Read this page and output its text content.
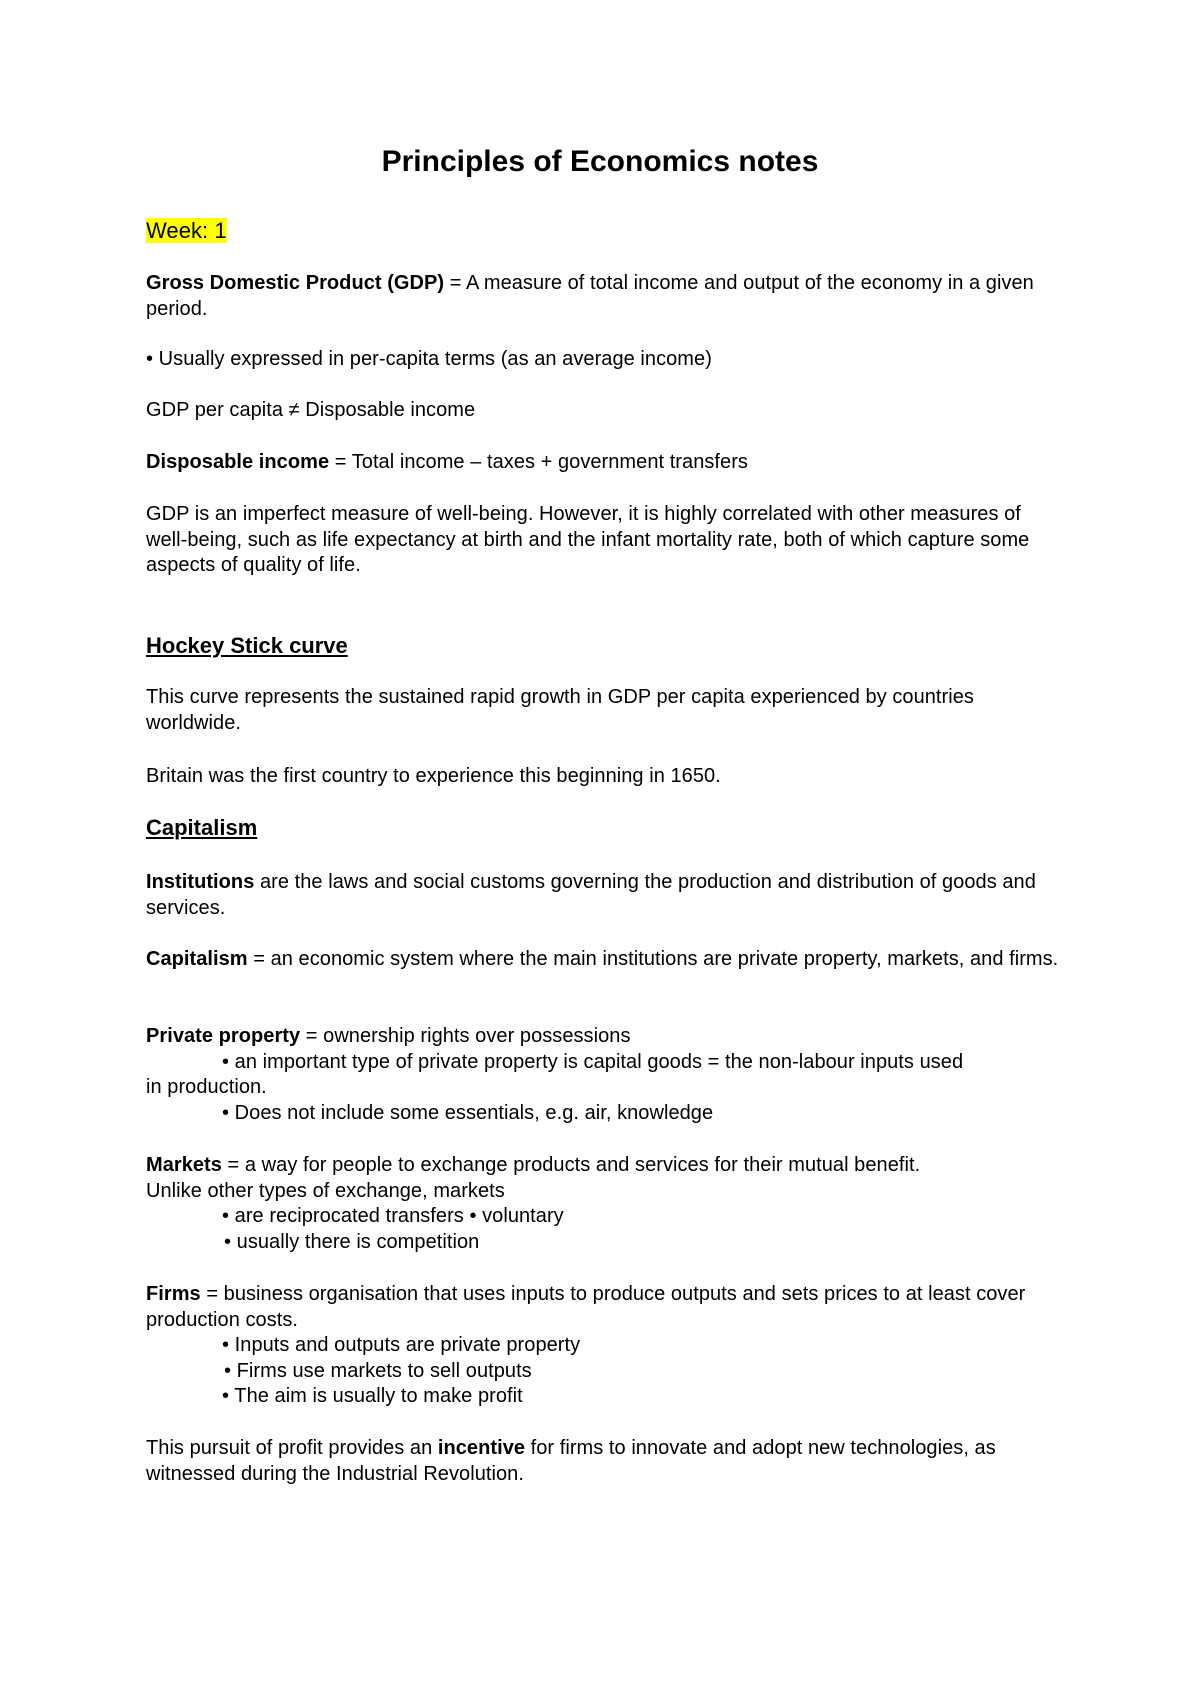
Principles of Economics notes

Week: 1

Gross Domestic Product (GDP) = A measure of total income and output of the economy in a given period.

• Usually expressed in per-capita terms (as an average income)

GDP per capita ≠ Disposable income

Disposable income = Total income – taxes + government transfers

GDP is an imperfect measure of well-being. However, it is highly correlated with other measures of well-being, such as life expectancy at birth and the infant mortality rate, both of which capture some aspects of quality of life.

Hockey Stick curve

This curve represents the sustained rapid growth in GDP per capita experienced by countries worldwide.

Britain was the first country to experience this beginning in 1650.

Capitalism

Institutions are the laws and social customs governing the production and distribution of goods and services.

Capitalism = an economic system where the main institutions are private property, markets, and firms.

Private property = ownership rights over possessions
• an important type of private property is capital goods = the non-labour inputs used
in production.
• Does not include some essentials, e.g. air, knowledge
Markets = a way for people to exchange products and services for their mutual benefit.
Unlike other types of exchange, markets
• are reciprocated transfers • voluntary
• usually there is competition
Firms = business organisation that uses inputs to produce outputs and sets prices to at least cover production costs.
• Inputs and outputs are private property
• Firms use markets to sell outputs
• The aim is usually to make profit

This pursuit of profit provides an incentive for firms to innovate and adopt new technologies, as witnessed during the Industrial Revolution.
